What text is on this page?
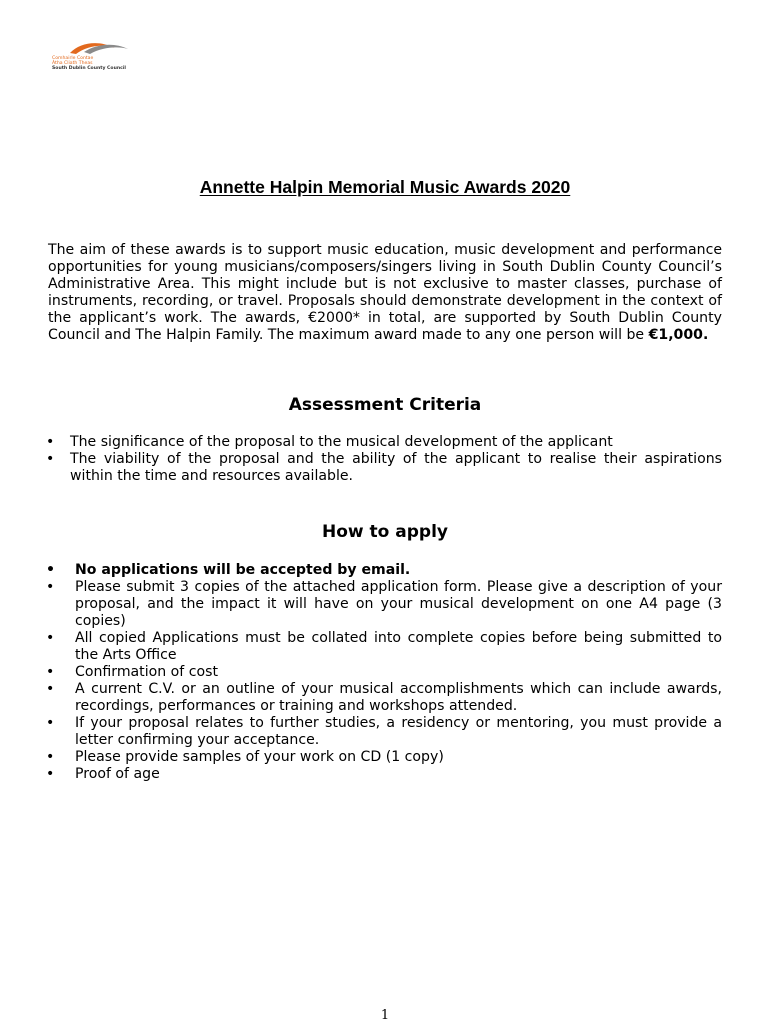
Comhairle Contae
Átha Cliath Theas
South Dublin County Council
Annette Halpin Memorial Music Awards 2020

The aim of these awards is to support music education, music development and performance opportunities for young musicians/composers/singers living in South Dublin County Council’s Administrative Area. This might include but is not exclusive to master classes, purchase of instruments, recording, or travel. Proposals should demonstrate development in the context of the applicant’s work. The awards, €2000* in total, are supported by South Dublin County Council and The Halpin Family. The maximum award made to any one person will be €1,000.

Assessment Criteria
• The significance of the proposal to the musical development of the applicant
• The viability of the proposal and the ability of the applicant to realise their aspirations within the time and resources available.
How to apply
• No applications will be accepted by email.
• Please submit 3 copies of the attached application form. Please give a description of your proposal, and the impact it will have on your musical development on one A4 page (3 copies)
• All copied Applications must be collated into complete copies before being submitted to the Arts Office
• Confirmation of cost
• A current C.V. or an outline of your musical accomplishments which can include awards, recordings, performances or training and workshops attended.
• If your proposal relates to further studies, a residency or mentoring, you must provide a letter confirming your acceptance.
• Please provide samples of your work on CD (1 copy)
• Proof of age
1
